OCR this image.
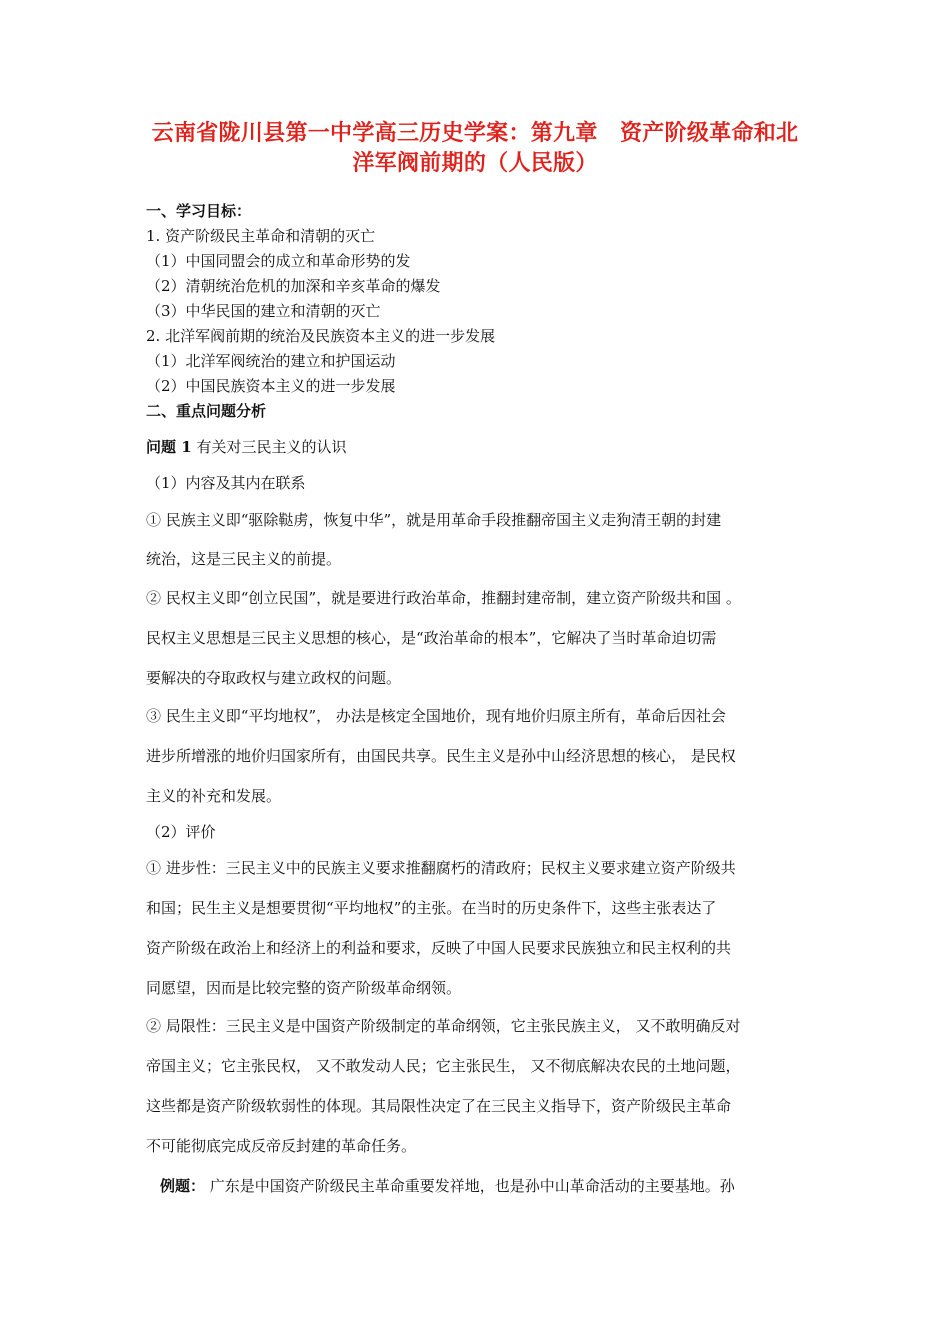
云南省陇川县第一中学高三历史学案：第九章　资产阶级革命和北
洋军阀前期的（人民版）
一、学习目标：
1. 资产阶级民主革命和清朝的灭亡
（1）中国同盟会的成立和革命形势的发
（2）清朝统治危机的加深和辛亥革命的爆发
（3）中华民国的建立和清朝的灭亡
2. 北洋军阀前期的统治及民族资本主义的进一步发展
（1）北洋军阀统治的建立和护国运动
（2）中国民族资本主义的进一步发展
二、重点问题分析
问题 1 有关对三民主义的认识
（1）内容及其内在联系
① 民族主义即“驱除鞑虏，恢复中华”，就是用革命手段推翻帝国主义走狗清王朝的封建
统治，这是三民主义的前提。
② 民权主义即“创立民国”，就是要进行政治革命，推翻封建帝制，建立资产阶级共和国 。
民权主义思想是三民主义思想的核心，是“政治革命的根本”，它解决了当时革命迫切需
要解决的夺取政权与建立政权的问题。
③ 民生主义即“平均地权”， 办法是核定全国地价，现有地价归原主所有，革命后因社会
进步所增涨的地价归国家所有，由国民共享。民生主义是孙中山经济思想的核心， 是民权
主义的补充和发展。
（2）评价
① 进步性：三民主义中的民族主义要求推翻腐朽的清政府；民权主义要求建立资产阶级共
和国；民生主义是想要贯彻“平均地权”的主张。在当时的历史条件下，这些主张表达了
资产阶级在政治上和经济上的利益和要求，反映了中国人民要求民族独立和民主权利的共
同愿望，因而是比较完整的资产阶级革命纲领。
② 局限性：三民主义是中国资产阶级制定的革命纲领，它主张民族主义， 又不敢明确反对
帝国主义；它主张民权， 又不敢发动人民；它主张民生， 又不彻底解决农民的土地问题，
这些都是资产阶级软弱性的体现。其局限性决定了在三民主义指导下，资产阶级民主革命
不可能彻底完成反帝反封建的革命任务。
例题： 广东是中国资产阶级民主革命重要发祥地，也是孙中山革命活动的主要基地。孙
